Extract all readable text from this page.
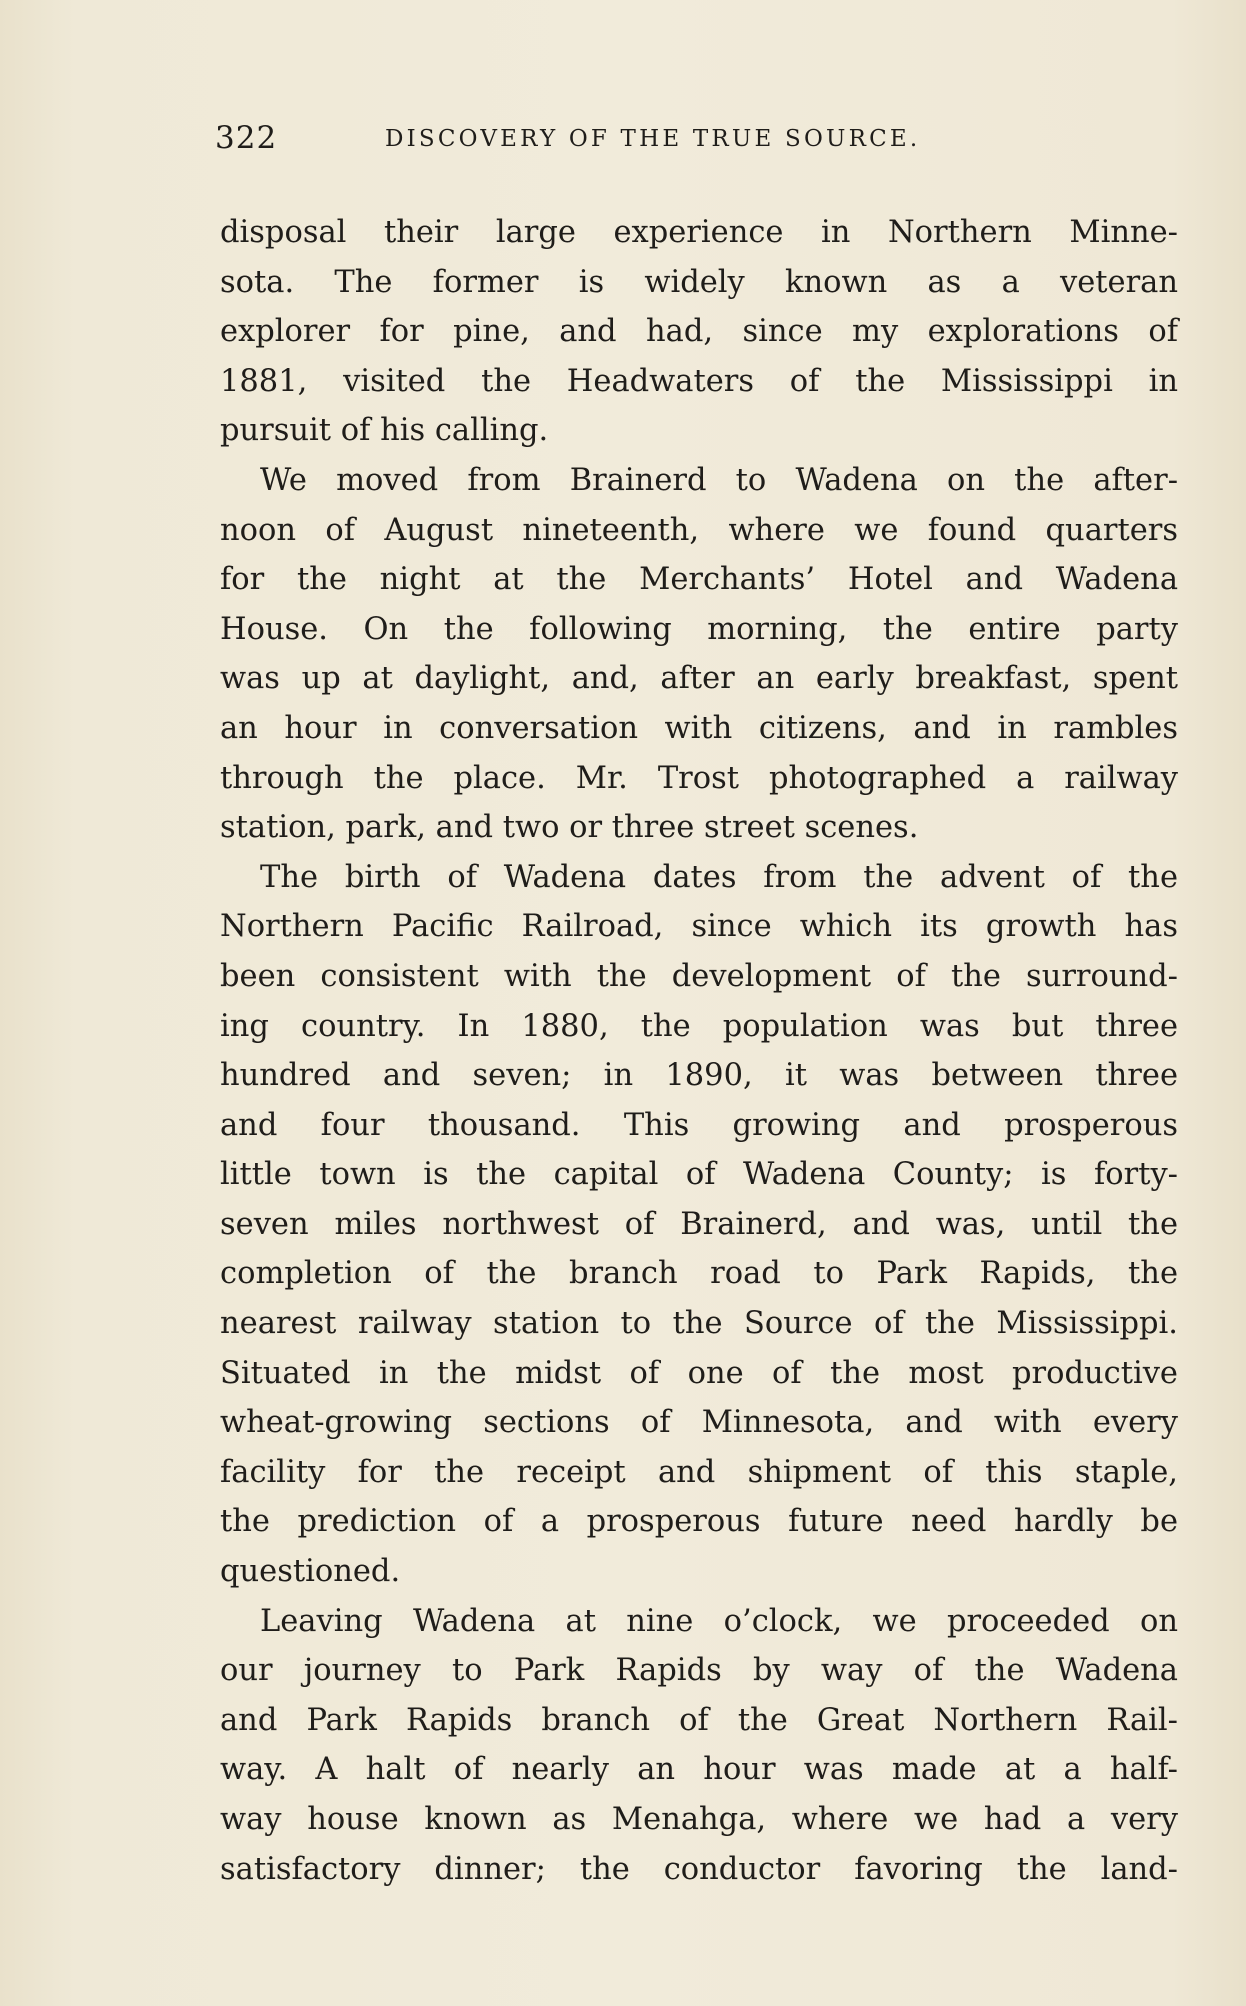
322	DISCOVERY OF THE TRUE SOURCE.
disposal their large experience in Northern Minne-
sota. The former is widely known as a veteran
explorer for pine, and had, since my explorations of
1881, visited the Headwaters of the Mississippi in
pursuit of his calling.
We moved from Brainerd to Wadena on the after-
noon of August nineteenth, where we found quarters
for the night at the Merchants’ Hotel and Wadena
House. On the following morning, the entire party
was up at daylight, and, after an early breakfast, spent
an hour in conversation with citizens, and in rambles
through the place. Mr. Trost photographed a railway
station, park, and two or three street scenes.
The birth of Wadena dates from the advent of the
Northern Pacific Railroad, since which its growth has
been consistent with the development of the surround-
ing country. In 1880, the population was but three
hundred and seven; in 1890, it was between three
and four thousand. This growing and prosperous
little town is the capital of Wadena County; is forty-
seven miles northwest of Brainerd, and was, until the
completion of the branch road to Park Rapids, the
nearest railway station to the Source of the Mississippi.
Situated in the midst of one of the most productive
wheat-growing sections of Minnesota, and with every
facility for the receipt and shipment of this staple,
the prediction of a prosperous future need hardly be
questioned.
Leaving Wadena at nine o’clock, we proceeded on
our journey to Park Rapids by way of the Wadena
and Park Rapids branch of the Great Northern Rail-
way. A halt of nearly an hour was made at a half-
way house known as Menahga, where we had a very
satisfactory dinner; the conductor favoring the land-
